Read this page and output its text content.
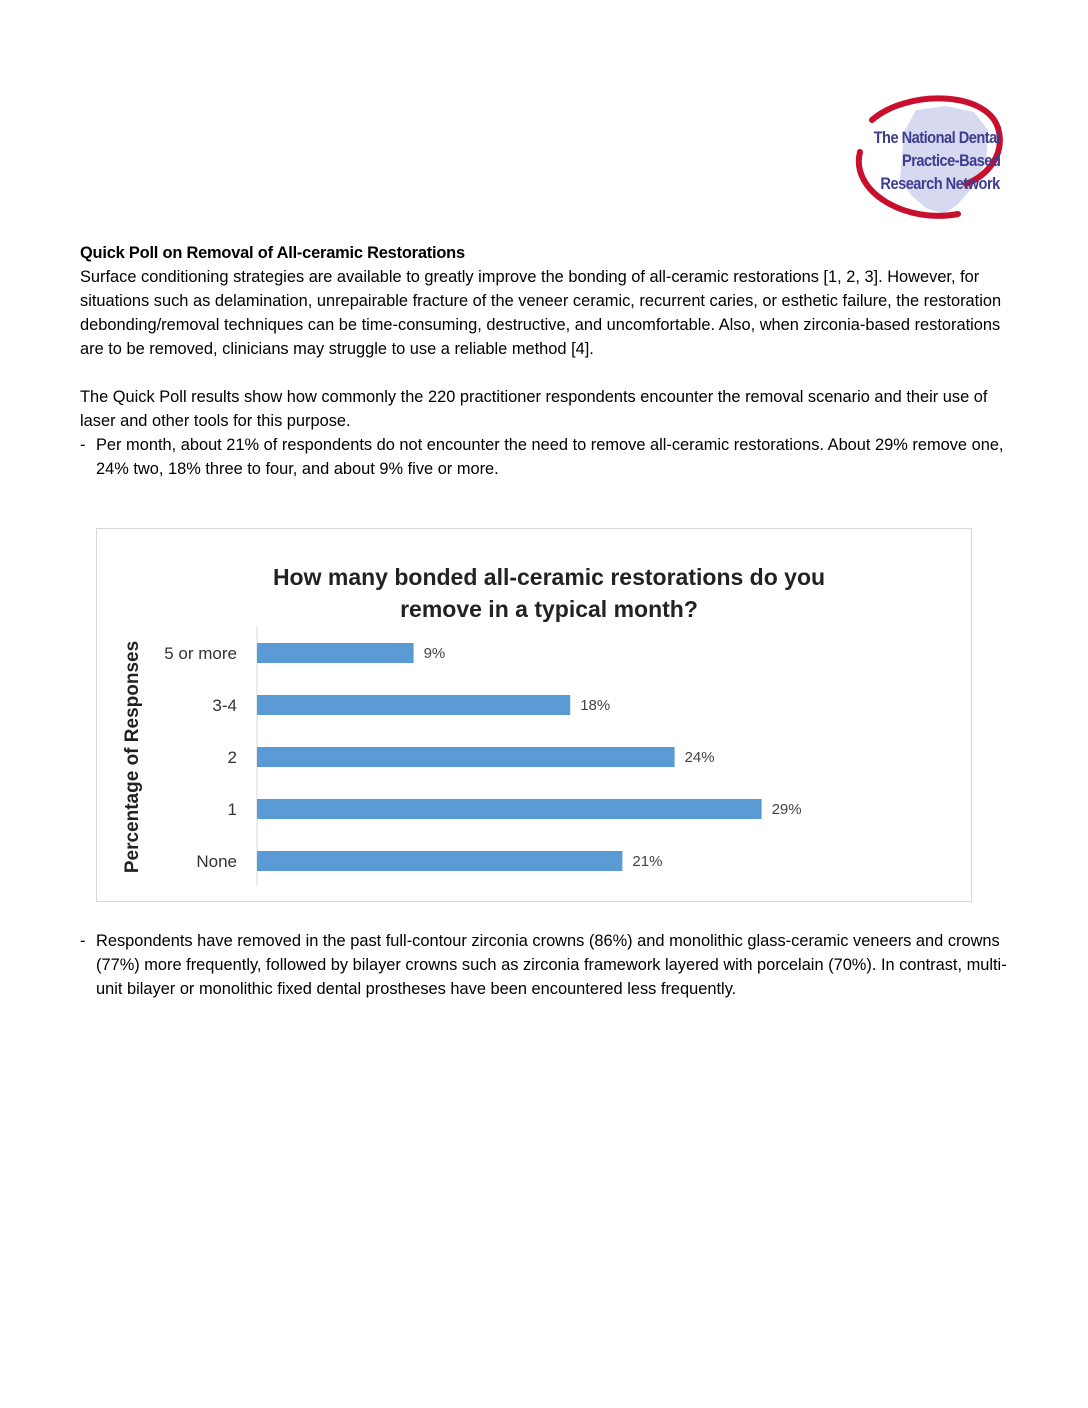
The National Dental
Practice-Based
Research Network

Quick Poll on Removal of All-ceramic Restorations

Surface conditioning strategies are available to greatly improve the bonding of all-ceramic restorations [1, 2, 3]. However, for situations such as delamination, unrepairable fracture of the veneer ceramic, recurrent caries, or esthetic failure, the restoration debonding/removal techniques can be time-consuming, destructive, and uncomfortable. Also, when zirconia-based restorations are to be removed, clinicians may struggle to use a reliable method [4].

The Quick Poll results show how commonly the 220 practitioner respondents encounter the removal scenario and their use of laser and other tools for this purpose.

- Per month, about 21% of respondents do not encounter the need to remove all-ceramic restorations. About 29% remove one, 24% two, 18% three to four, and about 9% five or more.

How many bonded all-ceramic restorations do you remove in a typical month?
Percentage of Responses 5 or more	9%
3-4	18%
2	24%
1	29%
None	21%

- Respondents have removed in the past full-contour zirconia crowns (86%) and monolithic glass-ceramic veneers and crowns (77%) more frequently, followed by bilayer crowns such as zirconia framework layered with porcelain (70%). In contrast, multi-unit bilayer or monolithic fixed dental prostheses have been encountered less frequently.
